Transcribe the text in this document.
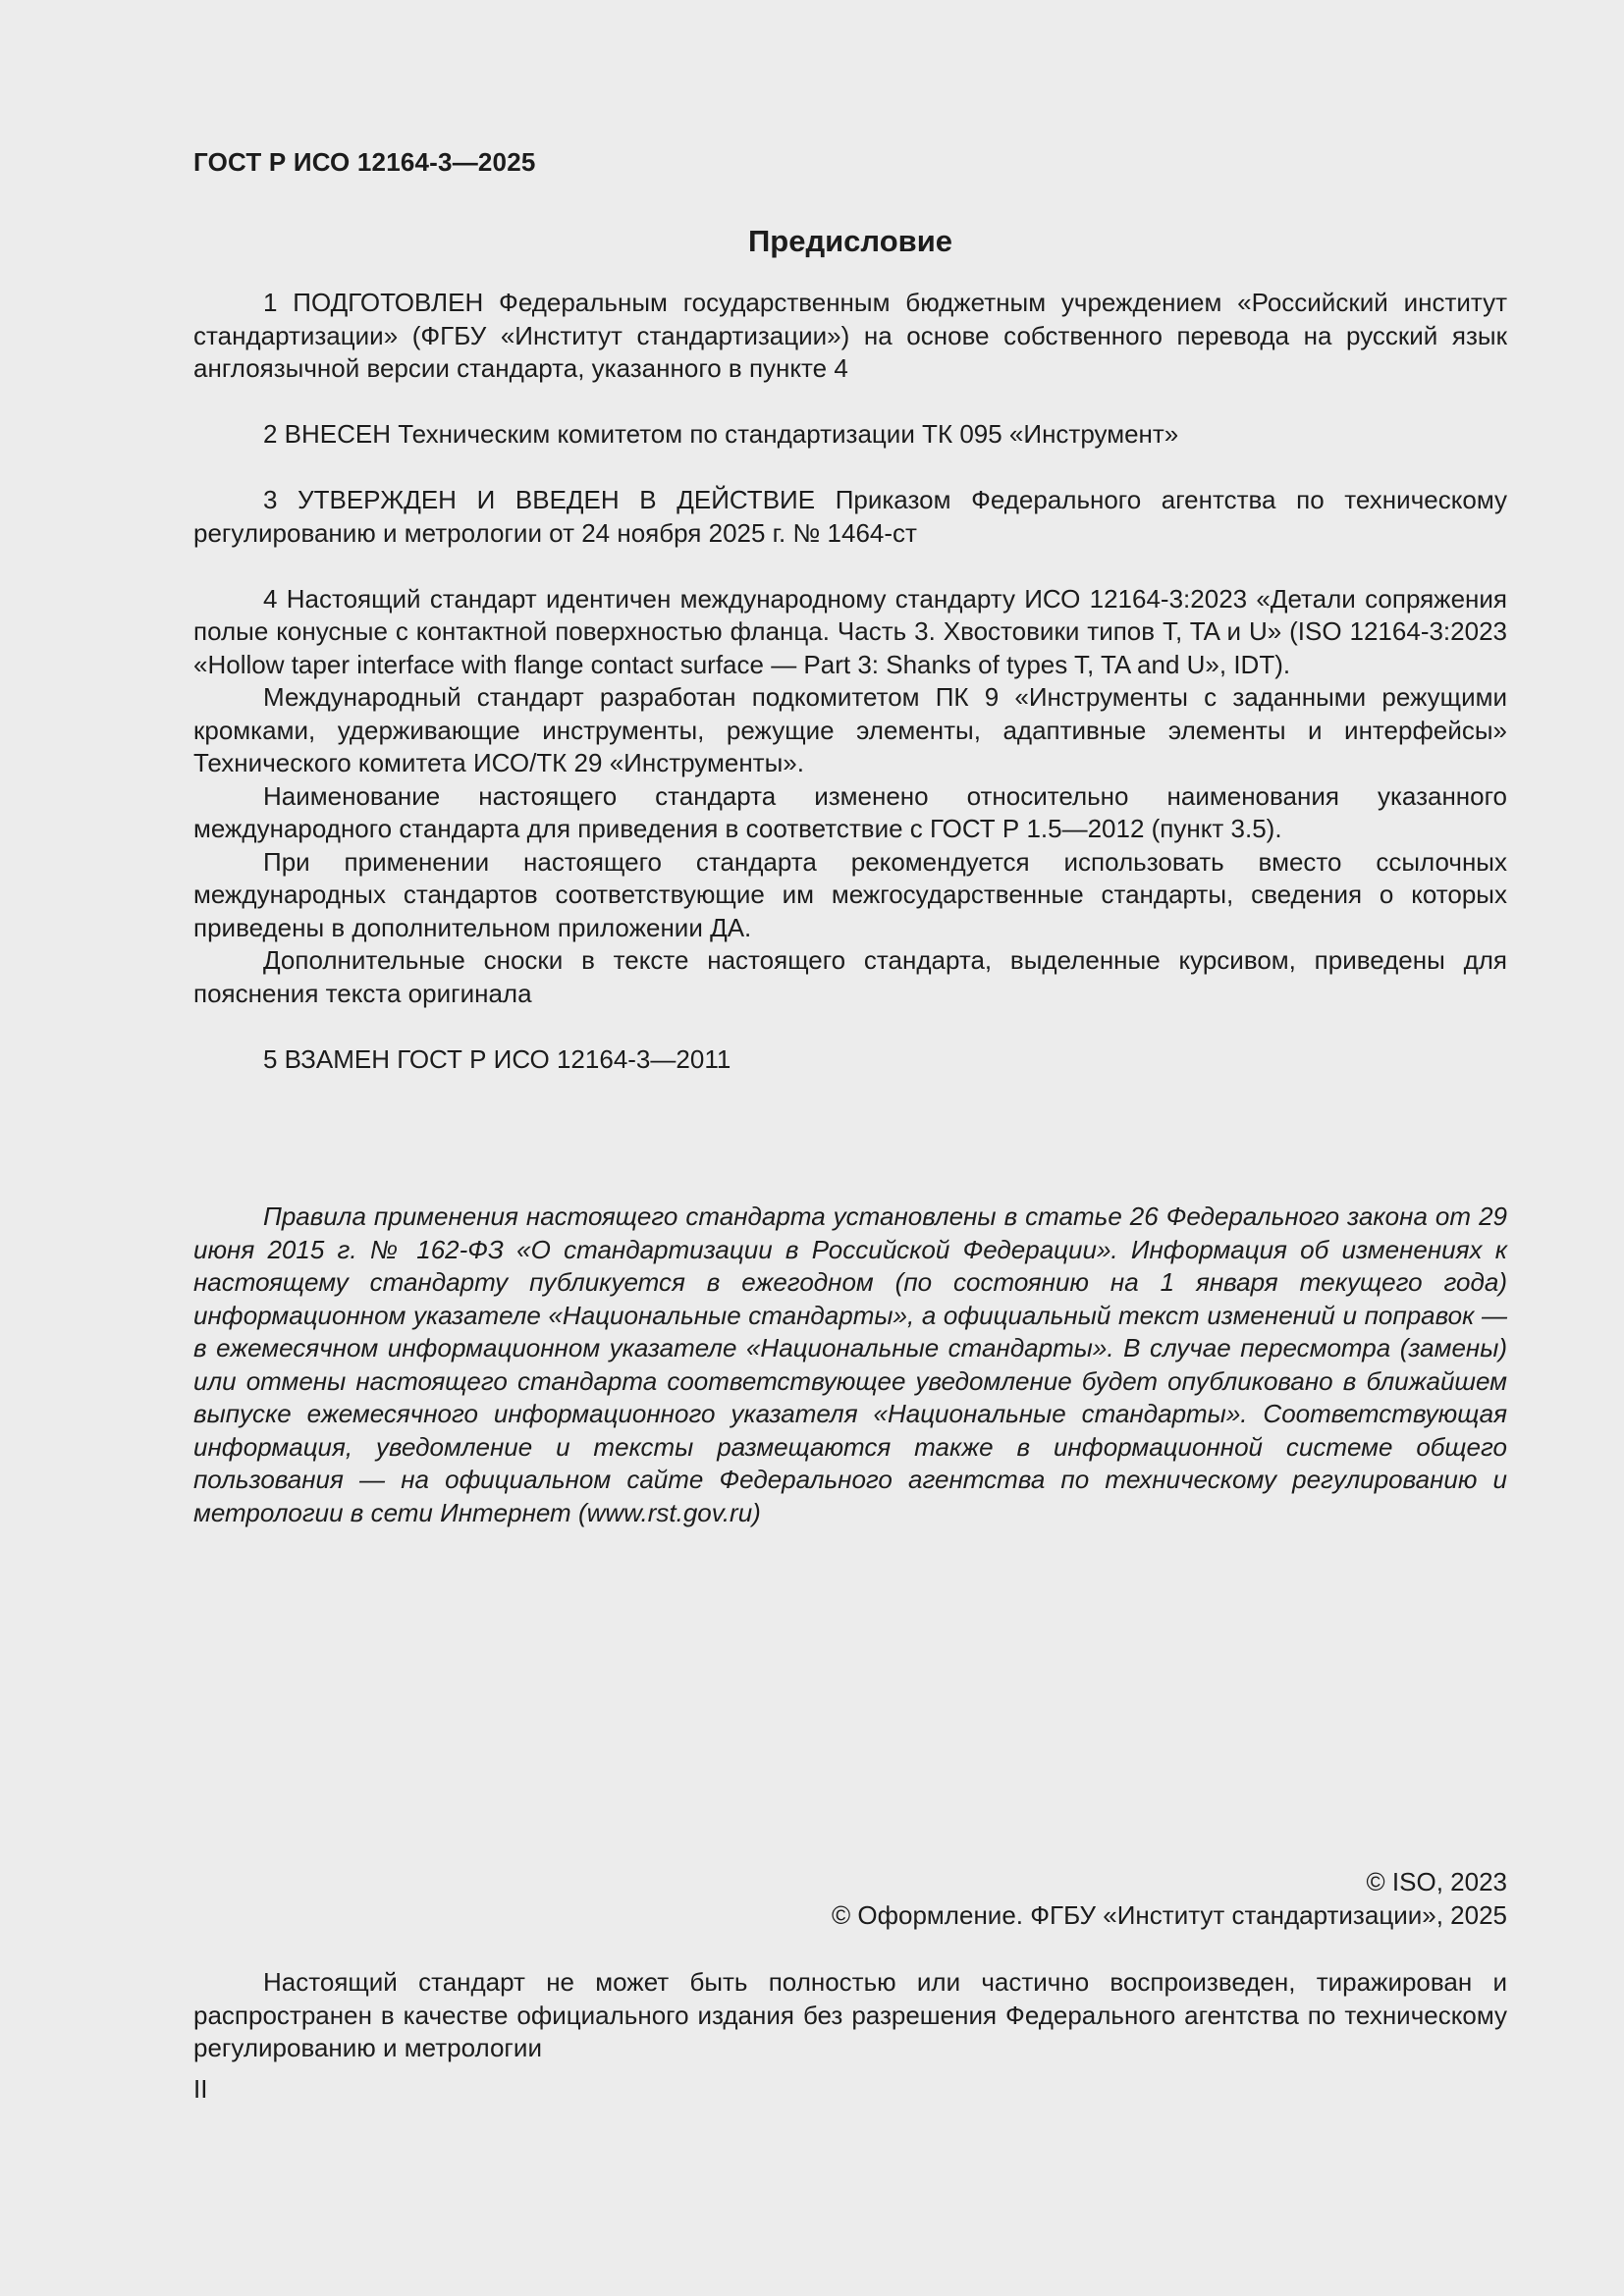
ГОСТ Р ИСО 12164-3—2025
Предисловие

1 ПОДГОТОВЛЕН Федеральным государственным бюджетным учреждением «Российский институт стандартизации» (ФГБУ «Институт стандартизации») на основе собственного перевода на русский язык англоязычной версии стандарта, указанного в пункте 4

2 ВНЕСЕН Техническим комитетом по стандартизации ТК 095 «Инструмент»

3 УТВЕРЖДЕН И ВВЕДЕН В ДЕЙСТВИЕ Приказом Федерального агентства по техническому регулированию и метрологии от 24 ноября 2025 г. № 1464-ст

4 Настоящий стандарт идентичен международному стандарту ИСО 12164-3:2023 «Детали сопряжения полые конусные с контактной поверхностью фланца. Часть 3. Хвостовики типов T, TA и U» (ISO 12164-3:2023 «Hollow taper interface with flange contact surface — Part 3: Shanks of types T, TA and U», IDT).

Международный стандарт разработан подкомитетом ПК 9 «Инструменты с заданными режущими кромками, удерживающие инструменты, режущие элементы, адаптивные элементы и интерфейсы» Технического комитета ИСО/ТК 29 «Инструменты».

Наименование настоящего стандарта изменено относительно наименования указанного международного стандарта для приведения в соответствие с ГОСТ Р 1.5—2012 (пункт 3.5).

При применении настоящего стандарта рекомендуется использовать вместо ссылочных международных стандартов соответствующие им межгосударственные стандарты, сведения о которых приведены в дополнительном приложении ДА.

Дополнительные сноски в тексте настоящего стандарта, выделенные курсивом, приведены для пояснения текста оригинала

5 ВЗАМЕН ГОСТ Р ИСО 12164-3—2011

Правила применения настоящего стандарта установлены в статье 26 Федерального закона от 29 июня 2015 г. № 162-ФЗ «О стандартизации в Российской Федерации». Информация об изменениях к настоящему стандарту публикуется в ежегодном (по состоянию на 1 января текущего года) информационном указателе «Национальные стандарты», а официальный текст изменений и поправок — в ежемесячном информационном указателе «Национальные стандарты». В случае пересмотра (замены) или отмены настоящего стандарта соответствующее уведомление будет опубликовано в ближайшем выпуске ежемесячного информационного указателя «Национальные стандарты». Соответствующая информация, уведомление и тексты размещаются также в информационной системе общего пользования — на официальном сайте Федерального агентства по техническому регулированию и метрологии в сети Интернет (www.rst.gov.ru)

© ISO, 2023
© Оформление. ФГБУ «Институт стандартизации», 2025

Настоящий стандарт не может быть полностью или частично воспроизведен, тиражирован и распространен в качестве официального издания без разрешения Федерального агентства по техническому регулированию и метрологии

II
